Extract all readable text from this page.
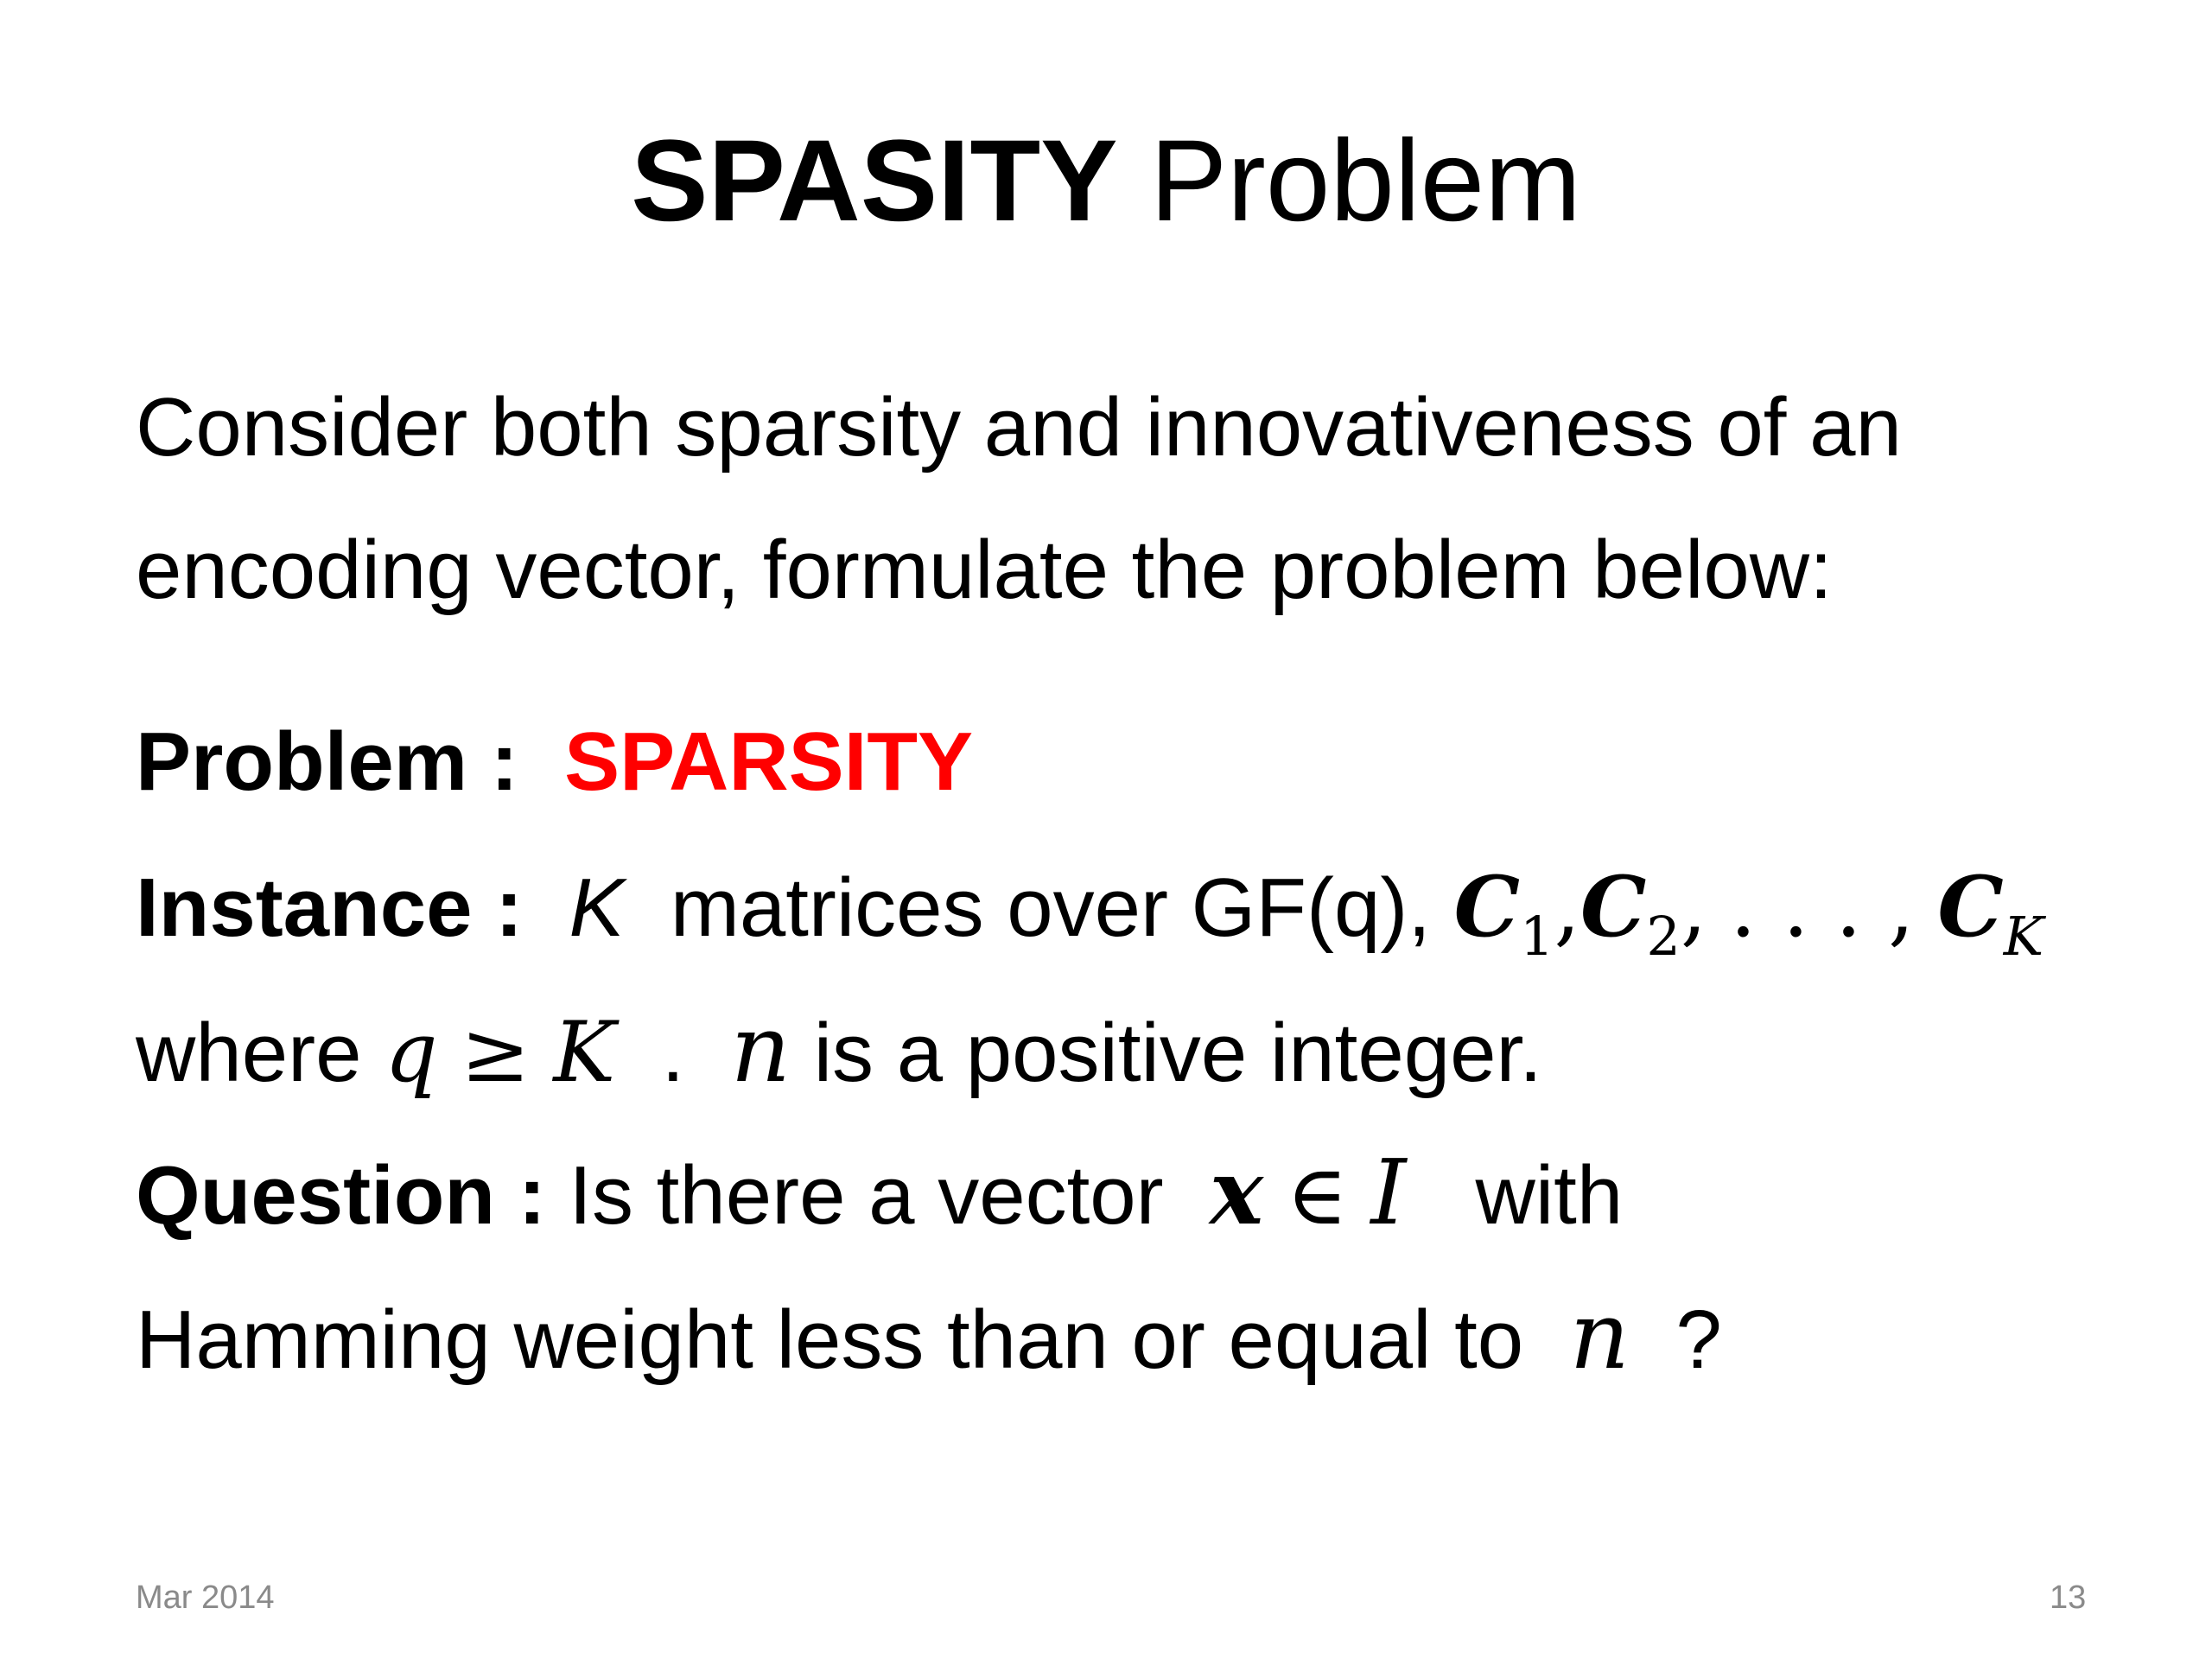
SPASITY Problem

Consider both sparsity and innovativeness of an

encoding vector, formulate the problem below:

Problem : SPARSITY

Instance : K matrices over GF(q), $C_1,C_2$, . . . , $C_K$

where q ≥ K . n is a positive integer.

Question : Is there a vector x ∈ I with

Hamming weight less than or equal to n ?

Mar 2014	13
